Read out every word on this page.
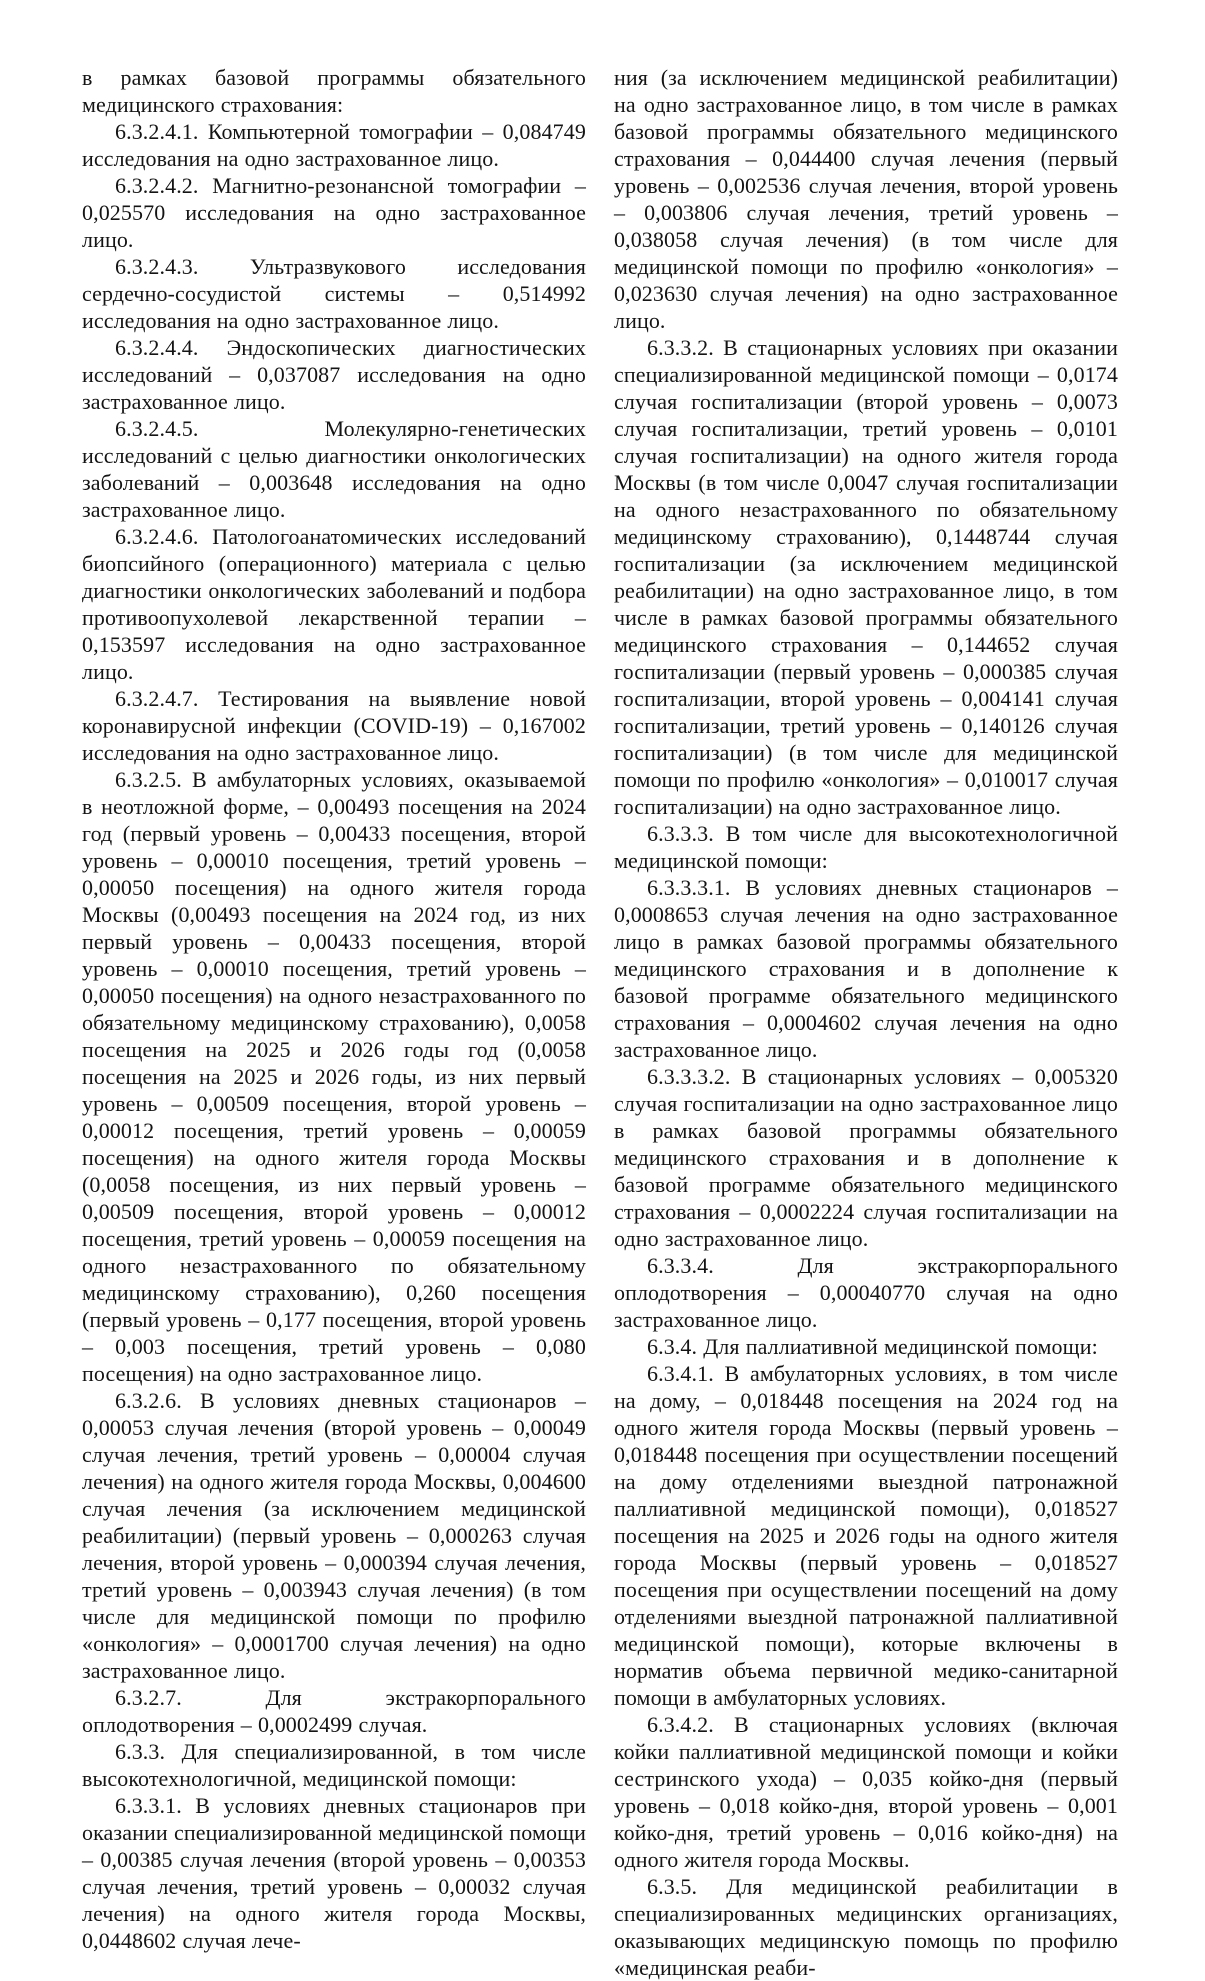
в рамках базовой программы обязательного медицинского страхования:

6.3.2.4.1. Компьютерной томографии – 0,084749 исследования на одно застрахованное лицо.

6.3.2.4.2. Магнитно-резонансной томографии – 0,025570 исследования на одно застрахованное лицо.

6.3.2.4.3. Ультразвукового исследования сердечно-сосудистой системы – 0,514992 исследования на одно застрахованное лицо.

6.3.2.4.4. Эндоскопических диагностических исследований – 0,037087 исследования на одно застрахованное лицо.

6.3.2.4.5. Молекулярно-генетических исследований с целью диагностики онкологических заболеваний – 0,003648 исследования на одно застрахованное лицо.

6.3.2.4.6. Патологоанатомических исследований биопсийного (операционного) материала с целью диагностики онкологических заболеваний и подбора противоопухолевой лекарственной терапии – 0,153597 исследования на одно застрахованное лицо.

6.3.2.4.7. Тестирования на выявление новой коронавирусной инфекции (COVID-19) – 0,167002 исследования на одно застрахованное лицо.

6.3.2.5. В амбулаторных условиях, оказываемой в неотложной форме, – 0,00493 посещения на 2024 год (первый уровень – 0,00433 посещения, второй уровень – 0,00010 посещения, третий уровень – 0,00050 посещения) на одного жителя города Москвы (0,00493 посещения на 2024 год, из них первый уровень – 0,00433 посещения, второй уровень – 0,00010 посещения, третий уровень – 0,00050 посещения) на одного незастрахованного по обязательному медицинскому страхованию), 0,0058 посещения на 2025 и 2026 годы год (0,0058 посещения на 2025 и 2026 годы, из них первый уровень – 0,00509 посещения, второй уровень – 0,00012 посещения, третий уровень – 0,00059 посещения) на одного жителя города Москвы (0,0058 посещения, из них первый уровень – 0,00509 посещения, второй уровень – 0,00012 посещения, третий уровень – 0,00059 посещения на одного незастрахованного по обязательному медицинскому страхованию), 0,260 посещения (первый уровень – 0,177 посещения, второй уровень – 0,003 посещения, третий уровень – 0,080 посещения) на одно застрахованное лицо.

6.3.2.6. В условиях дневных стационаров – 0,00053 случая лечения (второй уровень – 0,00049 случая лечения, третий уровень – 0,00004 случая лечения) на одного жителя города Москвы, 0,004600 случая лечения (за исключением медицинской реабилитации) (первый уровень – 0,000263 случая лечения, второй уровень – 0,000394 случая лечения, третий уровень – 0,003943 случая лечения) (в том числе для медицинской помощи по профилю «онкология» – 0,0001700 случая лечения) на одно застрахованное лицо.

6.3.2.7. Для экстракорпорального оплодотворения – 0,0002499 случая.

6.3.3. Для специализированной, в том числе высокотехнологичной, медицинской помощи:

6.3.3.1. В условиях дневных стационаров при оказании специализированной медицинской помощи – 0,00385 случая лечения (второй уровень – 0,00353 случая лечения, третий уровень – 0,00032 случая лечения) на одного жителя города Москвы, 0,0448602 случая лече-

ния (за исключением медицинской реабилитации) на одно застрахованное лицо, в том числе в рамках базовой программы обязательного медицинского страхования – 0,044400 случая лечения (первый уровень – 0,002536 случая лечения, второй уровень – 0,003806 случая лечения, третий уровень – 0,038058 случая лечения) (в том числе для медицинской помощи по профилю «онкология» – 0,023630 случая лечения) на одно застрахованное лицо.

6.3.3.2. В стационарных условиях при оказании специализированной медицинской помощи – 0,0174 случая госпитализации (второй уровень – 0,0073 случая госпитализации, третий уровень – 0,0101 случая госпитализации) на одного жителя города Москвы (в том числе 0,0047 случая госпитализации на одного незастрахованного по обязательному медицинскому страхованию), 0,1448744 случая госпитализации (за исключением медицинской реабилитации) на одно застрахованное лицо, в том числе в рамках базовой программы обязательного медицинского страхования – 0,144652 случая госпитализации (первый уровень – 0,000385 случая госпитализации, второй уровень – 0,004141 случая госпитализации, третий уровень – 0,140126 случая госпитализации) (в том числе для медицинской помощи по профилю «онкология» – 0,010017 случая госпитализации) на одно застрахованное лицо.

6.3.3.3. В том числе для высокотехнологичной медицинской помощи:

6.3.3.3.1. В условиях дневных стационаров – 0,0008653 случая лечения на одно застрахованное лицо в рамках базовой программы обязательного медицинского страхования и в дополнение к базовой программе обязательного медицинского страхования – 0,0004602 случая лечения на одно застрахованное лицо.

6.3.3.3.2. В стационарных условиях – 0,005320 случая госпитализации на одно застрахованное лицо в рамках базовой программы обязательного медицинского страхования и в дополнение к базовой программе обязательного медицинского страхования – 0,0002224 случая госпитализации на одно застрахованное лицо.

6.3.3.4. Для экстракорпорального оплодотворения – 0,00040770 случая на одно застрахованное лицо.

6.3.4. Для паллиативной медицинской помощи:

6.3.4.1. В амбулаторных условиях, в том числе на дому, – 0,018448 посещения на 2024 год на одного жителя города Москвы (первый уровень – 0,018448 посещения при осуществлении посещений на дому отделениями выездной патронажной паллиативной медицинской помощи), 0,018527 посещения на 2025 и 2026 годы на одного жителя города Москвы (первый уровень – 0,018527 посещения при осуществлении посещений на дому отделениями выездной патронажной паллиативной медицинской помощи), которые включены в норматив объема первичной медико-санитарной помощи в амбулаторных условиях.

6.3.4.2. В стационарных условиях (включая койки паллиативной медицинской помощи и койки сестринского ухода) – 0,035 койко-дня (первый уровень – 0,018 койко-дня, второй уровень – 0,001 койко-дня, третий уровень – 0,016 койко-дня) на одного жителя города Москвы.

6.3.5. Для медицинской реабилитации в специализированных медицинских организациях, оказывающих медицинскую помощь по профилю «медицинская реаби-
